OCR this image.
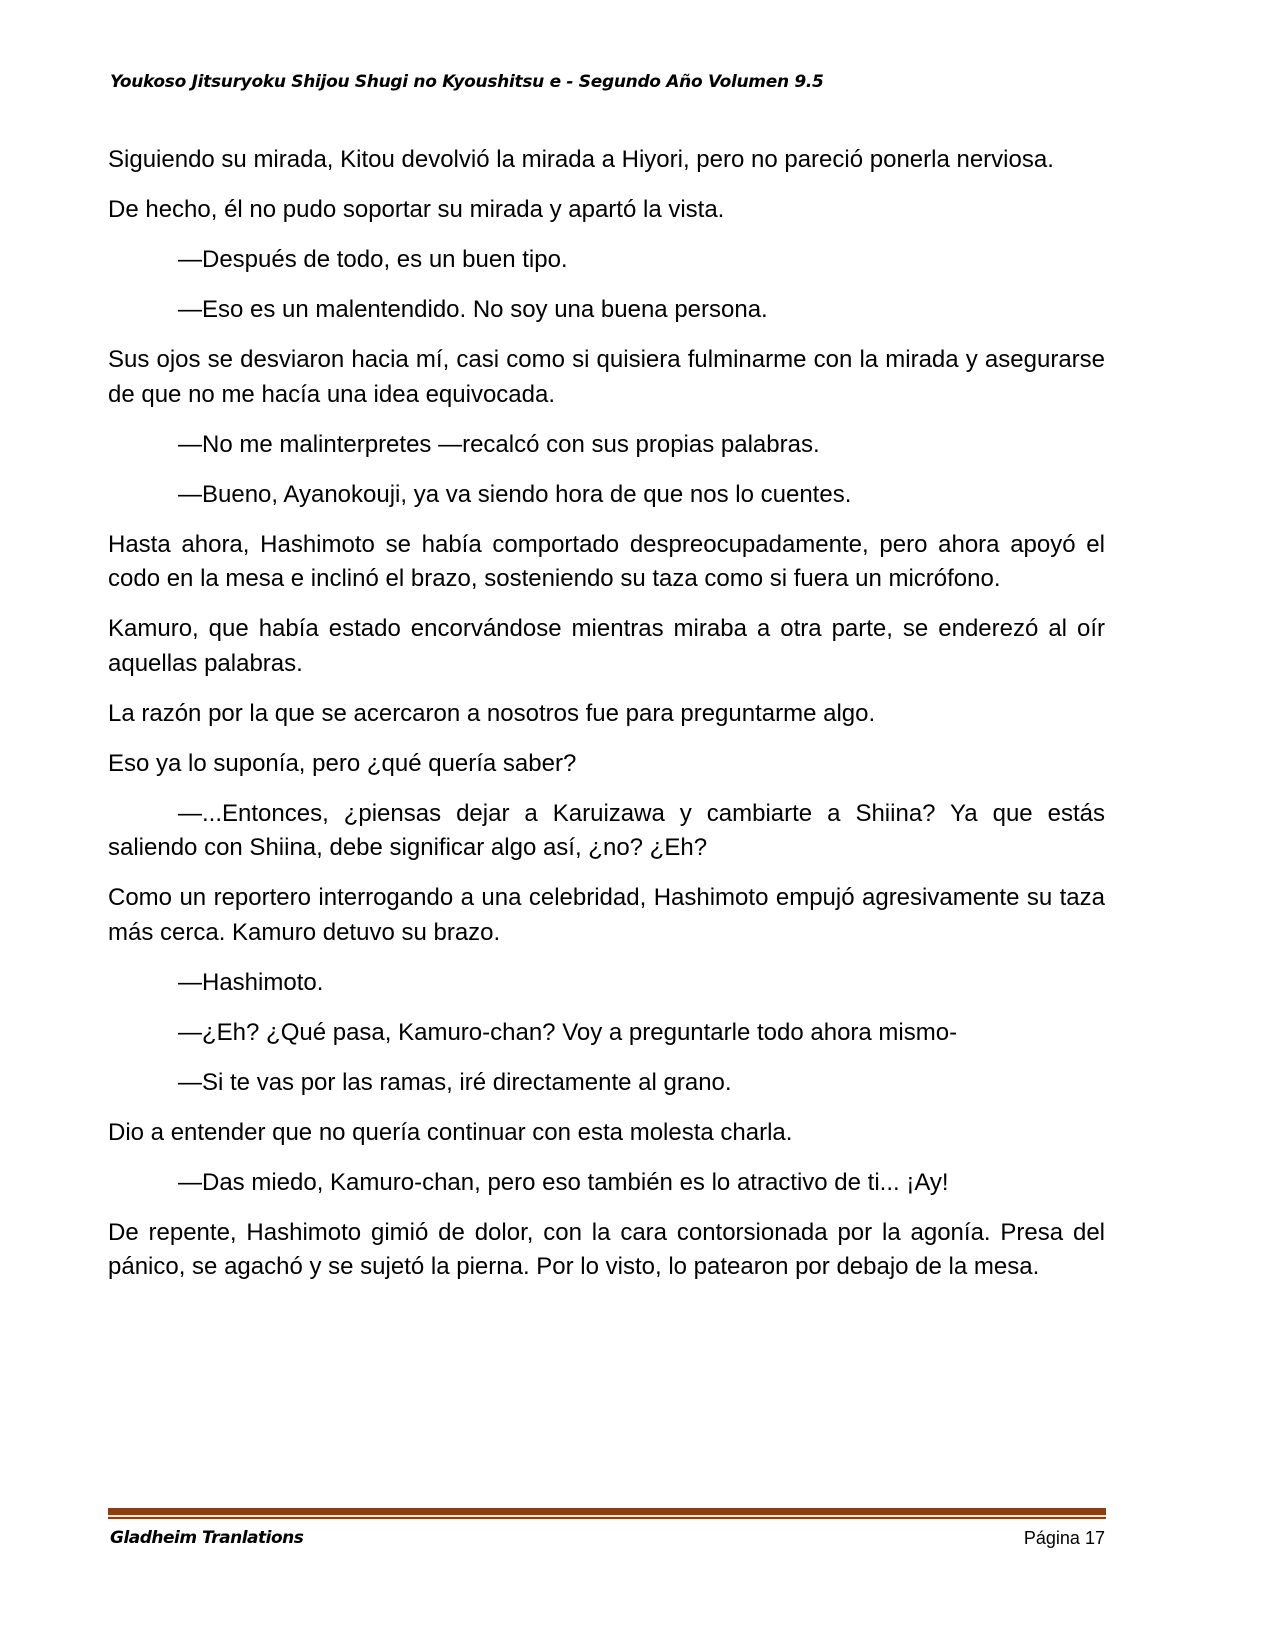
Youkoso Jitsuryoku Shijou Shugi no Kyoushitsu e - Segundo Año Volumen 9.5

Siguiendo su mirada, Kitou devolvió la mirada a Hiyori, pero no pareció ponerla nerviosa.

De hecho, él no pudo soportar su mirada y apartó la vista.

—Después de todo, es un buen tipo.

—Eso es un malentendido. No soy una buena persona.

Sus ojos se desviaron hacia mí, casi como si quisiera fulminarme con la mirada y asegurarse de que no me hacía una idea equivocada.

—No me malinterpretes —recalcó con sus propias palabras.

—Bueno, Ayanokouji, ya va siendo hora de que nos lo cuentes.

Hasta ahora, Hashimoto se había comportado despreocupadamente, pero ahora apoyó el codo en la mesa e inclinó el brazo, sosteniendo su taza como si fuera un micrófono.

Kamuro, que había estado encorvándose mientras miraba a otra parte, se enderezó al oír aquellas palabras.

La razón por la que se acercaron a nosotros fue para preguntarme algo.

Eso ya lo suponía, pero ¿qué quería saber?

—...Entonces, ¿piensas dejar a Karuizawa y cambiarte a Shiina? Ya que estás saliendo con Shiina, debe significar algo así, ¿no? ¿Eh?

Como un reportero interrogando a una celebridad, Hashimoto empujó agresivamente su taza más cerca. Kamuro detuvo su brazo.

—Hashimoto.

—¿Eh? ¿Qué pasa, Kamuro-chan? Voy a preguntarle todo ahora mismo-

—Si te vas por las ramas, iré directamente al grano.

Dio a entender que no quería continuar con esta molesta charla.

—Das miedo, Kamuro-chan, pero eso también es lo atractivo de ti... ¡Ay!

De repente, Hashimoto gimió de dolor, con la cara contorsionada por la agonía. Presa del pánico, se agachó y se sujetó la pierna. Por lo visto, lo patearon por debajo de la mesa.

Gladheim Tranlations	Página 17
